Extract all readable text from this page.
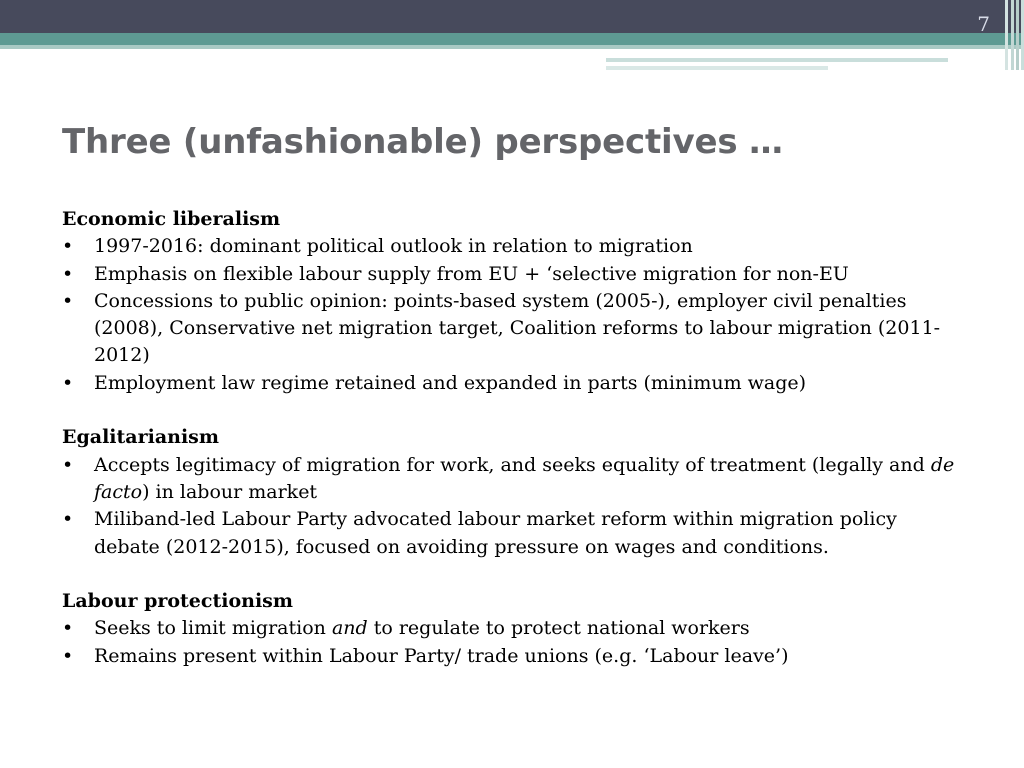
7
Three (unfashionable) perspectives …
Economic liberalism
• 1997-2016: dominant political outlook in relation to migration
• Emphasis on flexible labour supply from EU + ‘selective migration for non-EU
• Concessions to public opinion: points-based system (2005-), employer civil penalties (2008), Conservative net migration target, Coalition reforms to labour migration (2011-2012)
• Employment law regime retained and expanded in parts (minimum wage)
Egalitarianism
• Accepts legitimacy of migration for work, and seeks equality of treatment (legally and de facto) in labour market
• Miliband-led Labour Party advocated labour market reform within migration policy debate (2012-2015), focused on avoiding pressure on wages and conditions.
Labour protectionism
• Seeks to limit migration and to regulate to protect national workers
• Remains present within Labour Party/ trade unions (e.g. ‘Labour leave’)
